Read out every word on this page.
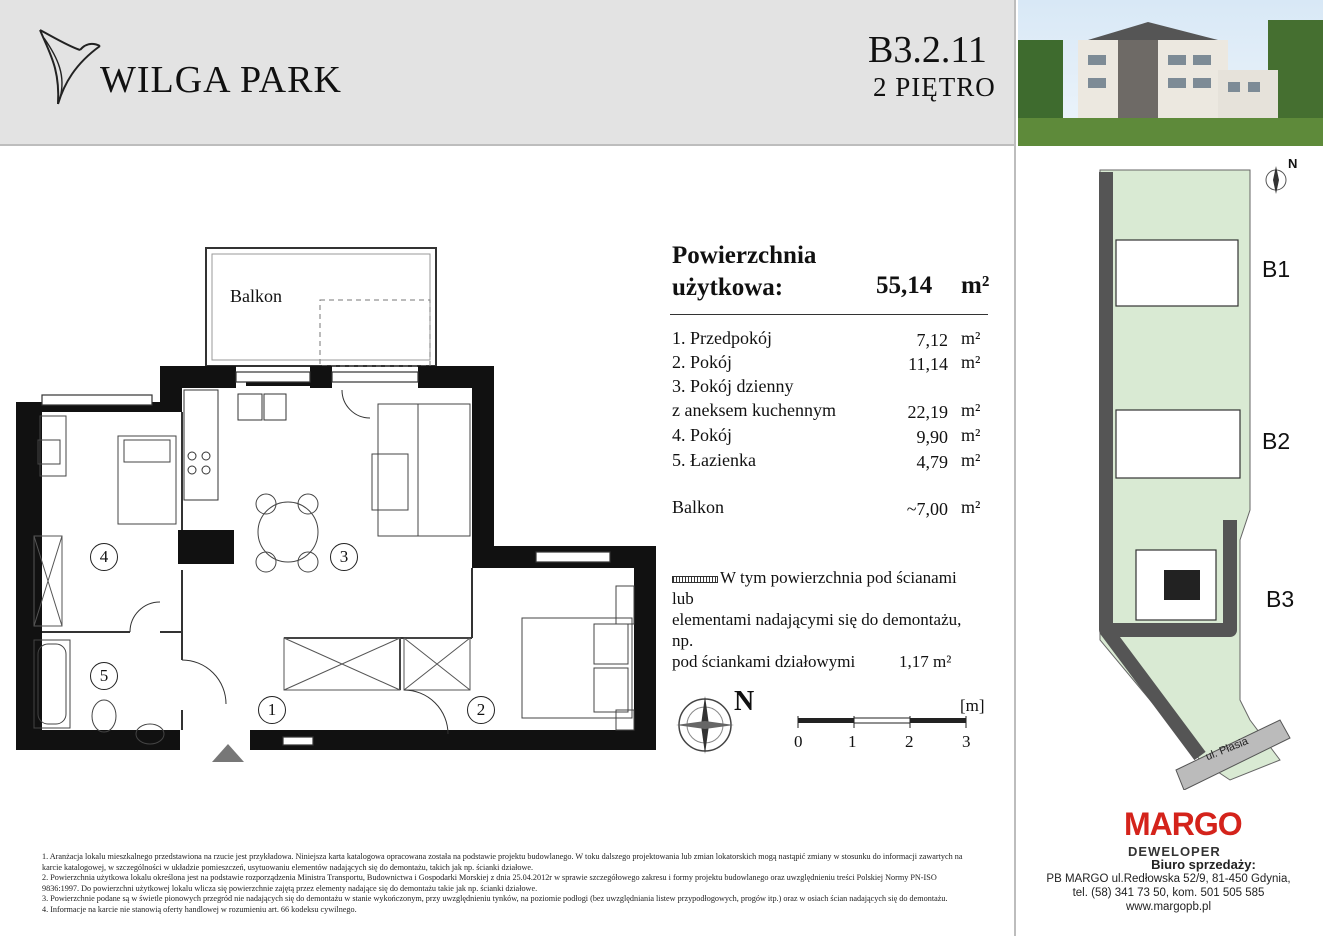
WILGA PARK
B3.2.11
2 PIĘTRO
Powierzchnia
użytkowa:	55,14 m²
1. Przedpokój	7,12 m²
2. Pokój	11,14 m²
3. Pokój dzienny
z aneksem kuchennym	22,19 m²
4. Pokój	9,90 m²
5. Łazienka	4,79 m²
Balkon	~7,00 m²
W tym powierzchnia pod ścianami lub
elementami nadającymi się do demontażu, np.
pod ściankami działowymi	1,17 m²
Balkon
1	2
3
4
5
N	[m]
0	1	2	3
N
B1
B2
B3
ul. Płasia
1. Aranżacja lokalu mieszkalnego przedstawiona na rzucie jest przykładowa. Niniejsza karta katalogowa opracowana została na podstawie projektu budowlanego. W toku dalszego projektowania lub zmian lokatorskich mogą nastąpić zmiany w stosunku do informacji zawartych na karcie katalogowej, w szczególności w układzie pomieszczeń, usytuowaniu elementów nadających się do demontażu, takich jak np. ścianki działowe.
2. Powierzchnia użytkowa lokalu określona jest na podstawie rozporządzenia Ministra Transportu, Budownictwa i Gospodarki Morskiej z dnia 25.04.2012r w sprawie szczegółowego zakresu i formy projektu budowlanego oraz uwzględnieniu treści Polskiej Normy PN-ISO 9836:1997. Do powierzchni użytkowej lokalu wlicza się powierzchnie zajętą przez elementy nadające się do demontażu takie jak np. ścianki działowe.
3. Powierzchnie podane są w świetle pionowych przegród nie nadających się do demontażu w stanie wykończonym, przy uwzględnieniu tynków, na poziomie podłogi (bez uwzględniania listew przypodłogowych, progów itp.) oraz w osiach ścian nadających się do demontażu.
4. Informacje na karcie nie stanowią oferty handlowej w rozumieniu art. 66 kodeksu cywilnego.
MARGO
DEWELOPER
Biuro sprzedaży:
PB MARGO ul.Redłowska 52/9, 81-450 Gdynia,
tel. (58) 341 73 50, kom. 501 505 585
www.margopb.pl
